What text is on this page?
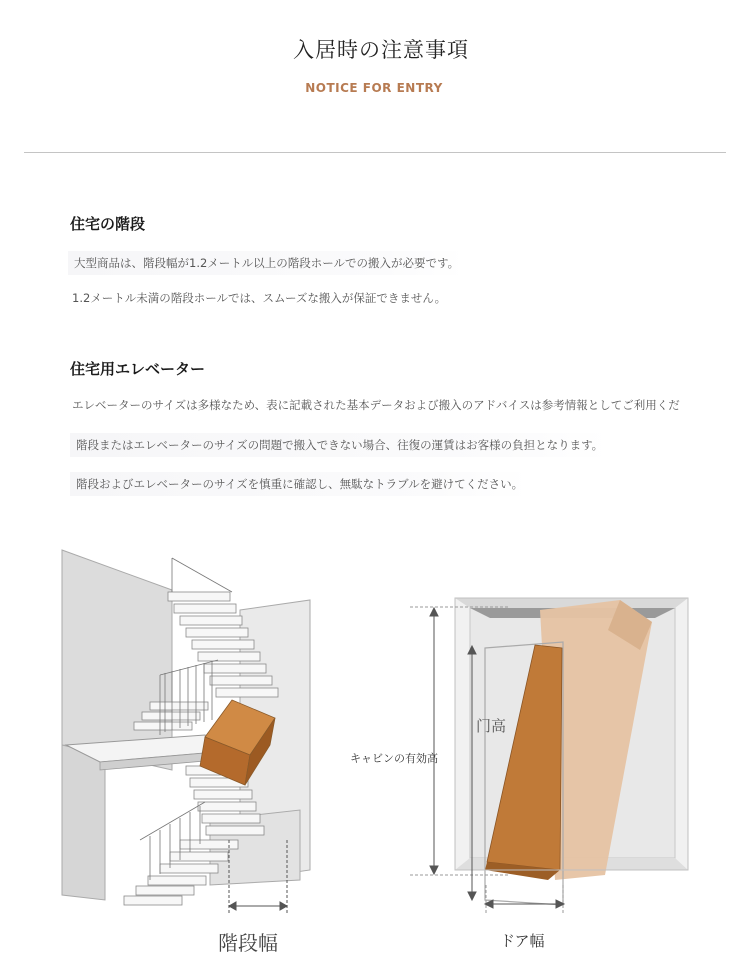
入居時の注意事項
NOTICE FOR ENTRY
住宅の階段
大型商品は、階段幅が1.2メートル以上の階段ホールでの搬入が必要です。
1.2メートル未満の階段ホールでは、スムーズな搬入が保証できません。
住宅用エレベーター
エレベーターのサイズは多様なため、表に記載された基本データおよび搬入のアドバイスは参考情報としてご利用くだ
階段またはエレベーターのサイズの問題で搬入できない場合、往復の運賃はお客様の負担となります。
階段およびエレベーターのサイズを慎重に確認し、無駄なトラブルを避けてください。
階段幅	ドア幅
キャビンの有効高
门高
